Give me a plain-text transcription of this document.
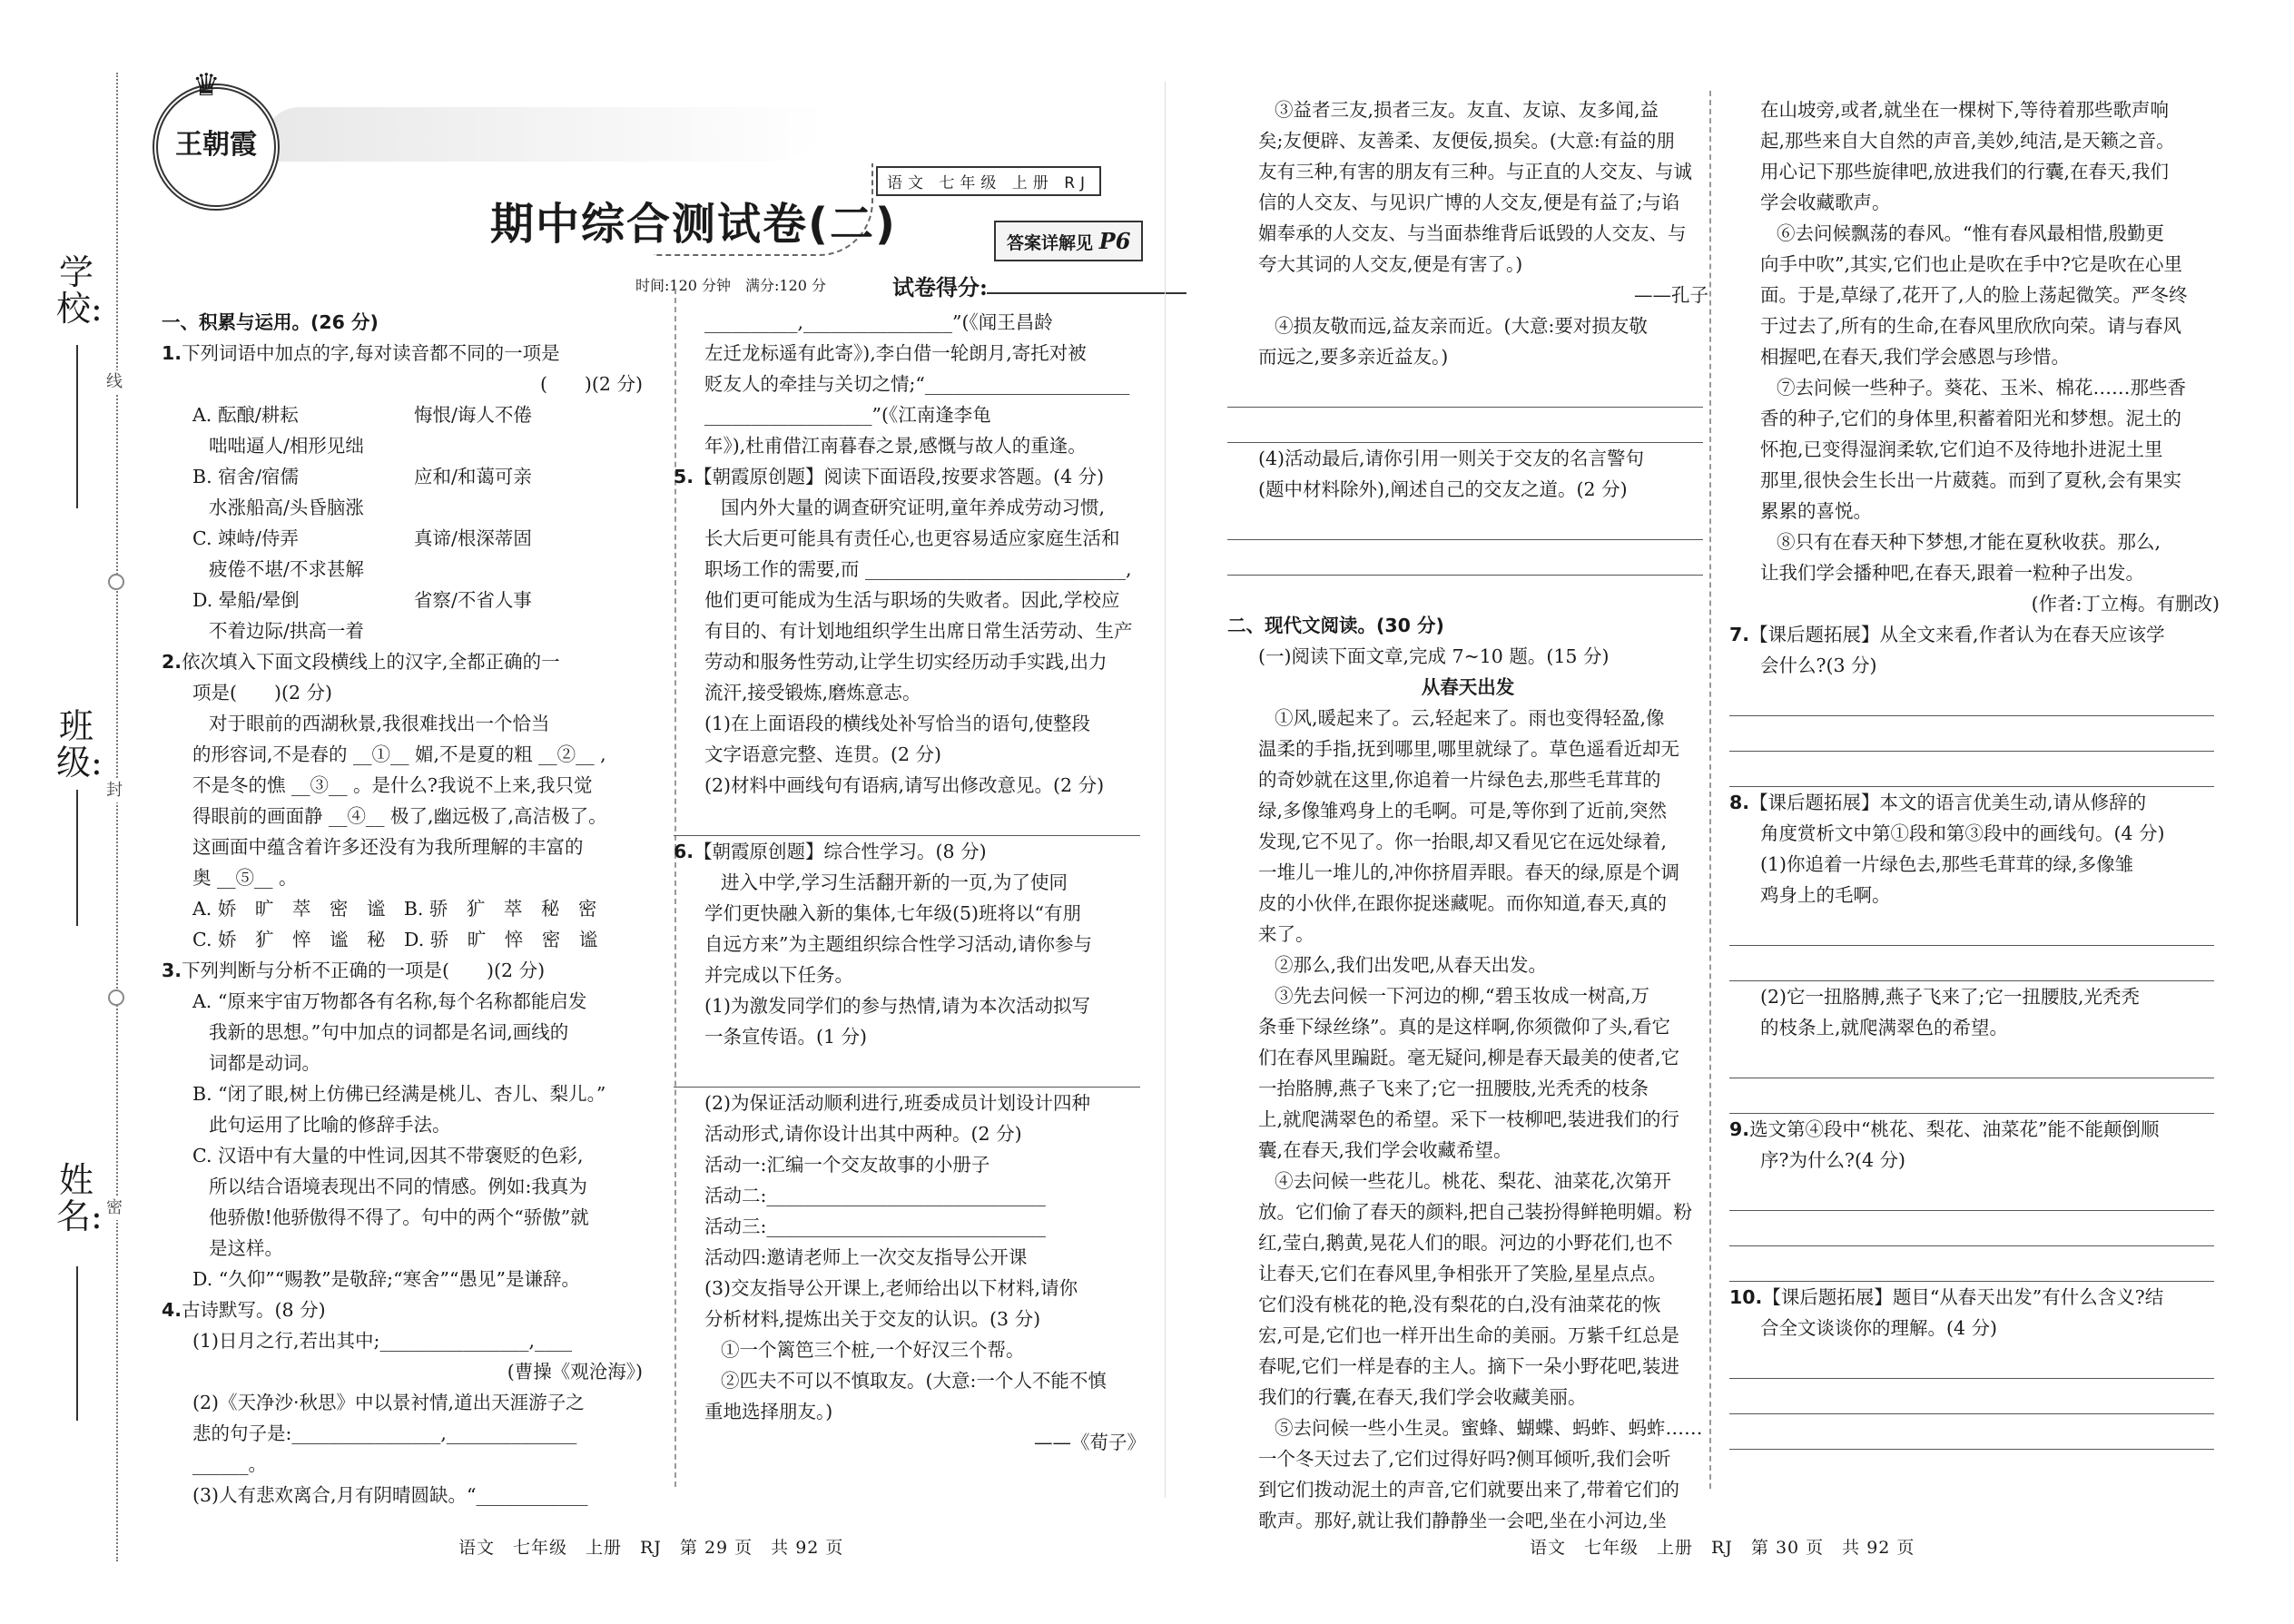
学校:
班级:
姓名:
线
封
密
♛
王朝霞
期中综合测试卷(二)
语文 七年级 上册 RJ
答案详解见 P6
时间:120 分钟　满分:120 分	试卷得分:
一、积累与运用。(26 分)
1.下列词语中加点的字,每对读音都不同的一项是
(　　)(2 分)
A. 酝酿/耕耘	悔恨/诲人不倦
咄咄逼人/相形见绌
B. 宿舍/宿儒	应和/和蔼可亲
水涨船高/头昏脑涨
C. 竦峙/侍弄	真谛/根深蒂固
疲倦不堪/不求甚解
D. 晕船/晕倒	省察/不省人事
不着边际/拱高一着
2.依次填入下面文段横线上的汉字,全都正确的一
项是(　　)(2 分)
对于眼前的西湖秋景,我很难找出一个恰当
的形容词,不是春的 __①__ 媚,不是夏的粗 __②__ ,
不是冬的憔 __③__ 。是什么?我说不上来,我只觉
得眼前的画面静 __④__ 极了,幽远极了,高洁极了。
这画面中蕴含着许多还没有为我所理解的丰富的
奥 __⑤__ 。
A. 娇　旷　萃　密　谧　B. 骄　犷　萃　秘　密
C. 娇　犷　悴　谧　秘　D. 骄　旷　悴　密　谧
3.下列判断与分析不正确的一项是(　　)(2 分)
A. “原来宇宙万物都各有名称,每个名称都能启发
我新的思想。”句中加点的词都是名词,画线的
词都是动词。
B. “闭了眼,树上仿佛已经满是桃儿、杏儿、梨儿。”
此句运用了比喻的修辞手法。
C. 汉语中有大量的中性词,因其不带褒贬的色彩,
所以结合语境表现出不同的情感。例如:我真为
他骄傲!他骄傲得不得了。句中的两个“骄傲”就
是这样。
D. “久仰”“赐教”是敬辞;“寒舍”“愚见”是谦辞。
4.古诗默写。(8 分)
(1)日月之行,若出其中;________________,____
(曹操《观沧海》)
(2)《天净沙·秋思》中以景衬情,道出天涯游子之
悲的句子是:________________,______________
______。
(3)人有悲欢离合,月有阴晴圆缺。“____________
__________,________________”(《闻王昌龄
左迁龙标遥有此寄》),李白借一轮朗月,寄托对被
贬友人的牵挂与关切之情;“______________________
__________________”(《江南逢李龟
年》),杜甫借江南暮春之景,感慨与故人的重逢。
5.【朝霞原创题】阅读下面语段,按要求答题。(4 分)
国内外大量的调查研究证明,童年养成劳动习惯,
长大后更可能具有责任心,也更容易适应家庭生活和
职场工作的需要,而 ____________________________,
他们更可能成为生活与职场的失败者。因此,学校应
有目的、有计划地组织学生出席日常生活劳动、生产
劳动和服务性劳动,让学生切实经历动手实践,出力
流汗,接受锻炼,磨炼意志。
(1)在上面语段的横线处补写恰当的语句,使整段
文字语意完整、连贯。(2 分)
(2)材料中画线句有语病,请写出修改意见。(2 分)
6.【朝霞原创题】综合性学习。(8 分)
进入中学,学习生活翻开新的一页,为了使同
学们更快融入新的集体,七年级(5)班将以“有朋
自远方来”为主题组织综合性学习活动,请你参与
并完成以下任务。
(1)为激发同学们的参与热情,请为本次活动拟写
一条宣传语。(1 分)
(2)为保证活动顺利进行,班委成员计划设计四种
活动形式,请你设计出其中两种。(2 分)
活动一:汇编一个交友故事的小册子
活动二:______________________________
活动三:______________________________
活动四:邀请老师上一次交友指导公开课
(3)交友指导公开课上,老师给出以下材料,请你
分析材料,提炼出关于交友的认识。(3 分)
①一个篱笆三个桩,一个好汉三个帮。
②匹夫不可以不慎取友。(大意:一个人不能不慎
重地选择朋友。)
——《荀子》
③益者三友,损者三友。友直、友谅、友多闻,益
矣;友便辟、友善柔、友便佞,损矣。(大意:有益的朋
友有三种,有害的朋友有三种。与正直的人交友、与诚
信的人交友、与见识广博的人交友,便是有益了;与谄
媚奉承的人交友、与当面恭维背后诋毁的人交友、与
夸大其词的人交友,便是有害了。)
——孔子
④损友敬而远,益友亲而近。(大意:要对损友敬
而远之,要多亲近益友。)
(4)活动最后,请你引用一则关于交友的名言警句
(题中材料除外),阐述自己的交友之道。(2 分)
二、现代文阅读。(30 分)
(一)阅读下面文章,完成 7~10 题。(15 分)
从春天出发
①风,暖起来了。云,轻起来了。雨也变得轻盈,像
温柔的手指,抚到哪里,哪里就绿了。草色遥看近却无
的奇妙就在这里,你追着一片绿色去,那些毛茸茸的
绿,多像雏鸡身上的毛啊。可是,等你到了近前,突然
发现,它不见了。你一抬眼,却又看见它在远处绿着,
一堆儿一堆儿的,冲你挤眉弄眼。春天的绿,原是个调
皮的小伙伴,在跟你捉迷藏呢。而你知道,春天,真的
来了。
②那么,我们出发吧,从春天出发。
③先去问候一下河边的柳,“碧玉妆成一树高,万
条垂下绿丝绦”。真的是这样啊,你须微仰了头,看它
们在春风里蹁跹。毫无疑问,柳是春天最美的使者,它
一抬胳膊,燕子飞来了;它一扭腰肢,光秃秃的枝条
上,就爬满翠色的希望。采下一枝柳吧,装进我们的行
囊,在春天,我们学会收藏希望。
④去问候一些花儿。桃花、梨花、油菜花,次第开
放。它们偷了春天的颜料,把自己装扮得鲜艳明媚。粉
红,莹白,鹅黄,晃花人们的眼。河边的小野花们,也不
让春天,它们在春风里,争相张开了笑脸,星星点点。
它们没有桃花的艳,没有梨花的白,没有油菜花的恢
宏,可是,它们也一样开出生命的美丽。万紫千红总是
春呢,它们一样是春的主人。摘下一朵小野花吧,装进
我们的行囊,在春天,我们学会收藏美丽。
⑤去问候一些小生灵。蜜蜂、蝴蝶、蚂蚱、蚂蚱……
一个冬天过去了,它们过得好吗?侧耳倾听,我们会听
到它们拨动泥土的声音,它们就要出来了,带着它们的
歌声。那好,就让我们静静坐一会吧,坐在小河边,坐
在山坡旁,或者,就坐在一棵树下,等待着那些歌声响
起,那些来自大自然的声音,美妙,纯洁,是天籁之音。
用心记下那些旋律吧,放进我们的行囊,在春天,我们
学会收藏歌声。
⑥去问候飘荡的春风。“惟有春风最相惜,殷勤更
向手中吹”,其实,它们也止是吹在手中?它是吹在心里
面。于是,草绿了,花开了,人的脸上荡起微笑。严冬终
于过去了,所有的生命,在春风里欣欣向荣。请与春风
相握吧,在春天,我们学会感恩与珍惜。
⑦去问候一些种子。葵花、玉米、棉花……那些香
香的种子,它们的身体里,积蓄着阳光和梦想。泥土的
怀抱,已变得湿润柔软,它们迫不及待地扑进泥土里
那里,很快会生长出一片葳蕤。而到了夏秋,会有果实
累累的喜悦。
⑧只有在春天种下梦想,才能在夏秋收获。那么,
让我们学会播种吧,在春天,跟着一粒种子出发。
(作者:丁立梅。有删改)
7.【课后题拓展】从全文来看,作者认为在春天应该学
会什么?(3 分)
8.【课后题拓展】本文的语言优美生动,请从修辞的
角度赏析文中第①段和第③段中的画线句。(4 分)
(1)你追着一片绿色去,那些毛茸茸的绿,多像雏
鸡身上的毛啊。
(2)它一扭胳膊,燕子飞来了;它一扭腰肢,光秃秃
的枝条上,就爬满翠色的希望。
9.选文第④段中“桃花、梨花、油菜花”能不能颠倒顺
序?为什么?(4 分)
10.【课后题拓展】题目“从春天出发”有什么含义?结
合全文谈谈你的理解。(4 分)
语文　七年级　上册　RJ　第 29 页　共 92 页	语文　七年级　上册　RJ　第 30 页　共 92 页
